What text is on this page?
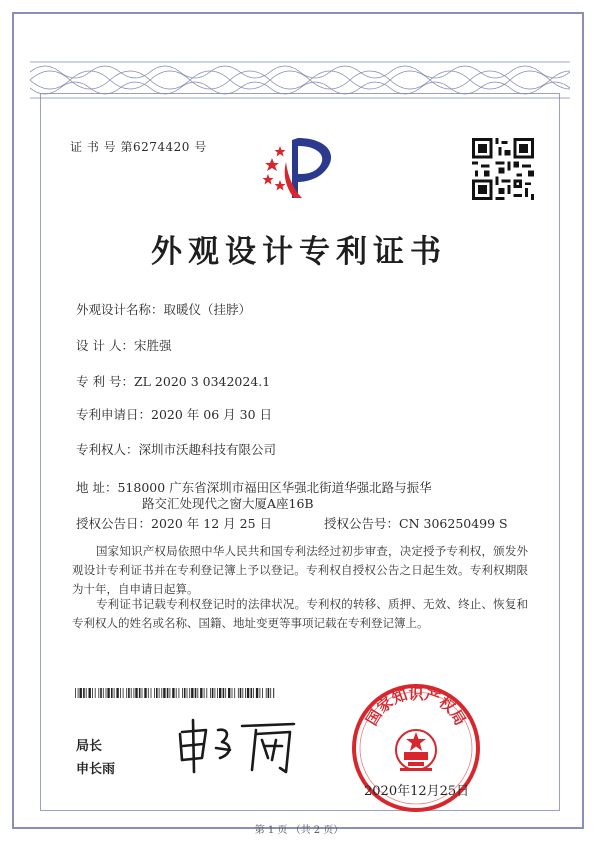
证 书 号 第6274420 号
外观设计专利证书
外观设计名称：取暖仪（挂脖）
设 计 人：宋胜强
专 利 号：ZL 2020 3 0342024.1
专利申请日：2020 年 06 月 30 日
专利权人：深圳市沃趣科技有限公司
地 址：518000 广东省深圳市福田区华强北街道华强北路与振华
路交汇处现代之窗大厦A座16B
授权公告日：2020 年 12 月 25 日	授权公告号：CN 306250499 S

国家知识产权局依照中华人民共和国专利法经过初步审查，决定授予专利权，颁发外观设计专利证书并在专利登记簿上予以登记。专利权自授权公告之日起生效。专利权期限为十年，自申请日起算。

专利证书记载专利权登记时的法律状况。专利权的转移、质押、无效、终止、恢复和专利权人的姓名或名称、国籍、地址变更等事项记载在专利登记簿上。

局长
申长雨
国家知识产权局
2020年12月25日
第 1 页 （共 2 页）
